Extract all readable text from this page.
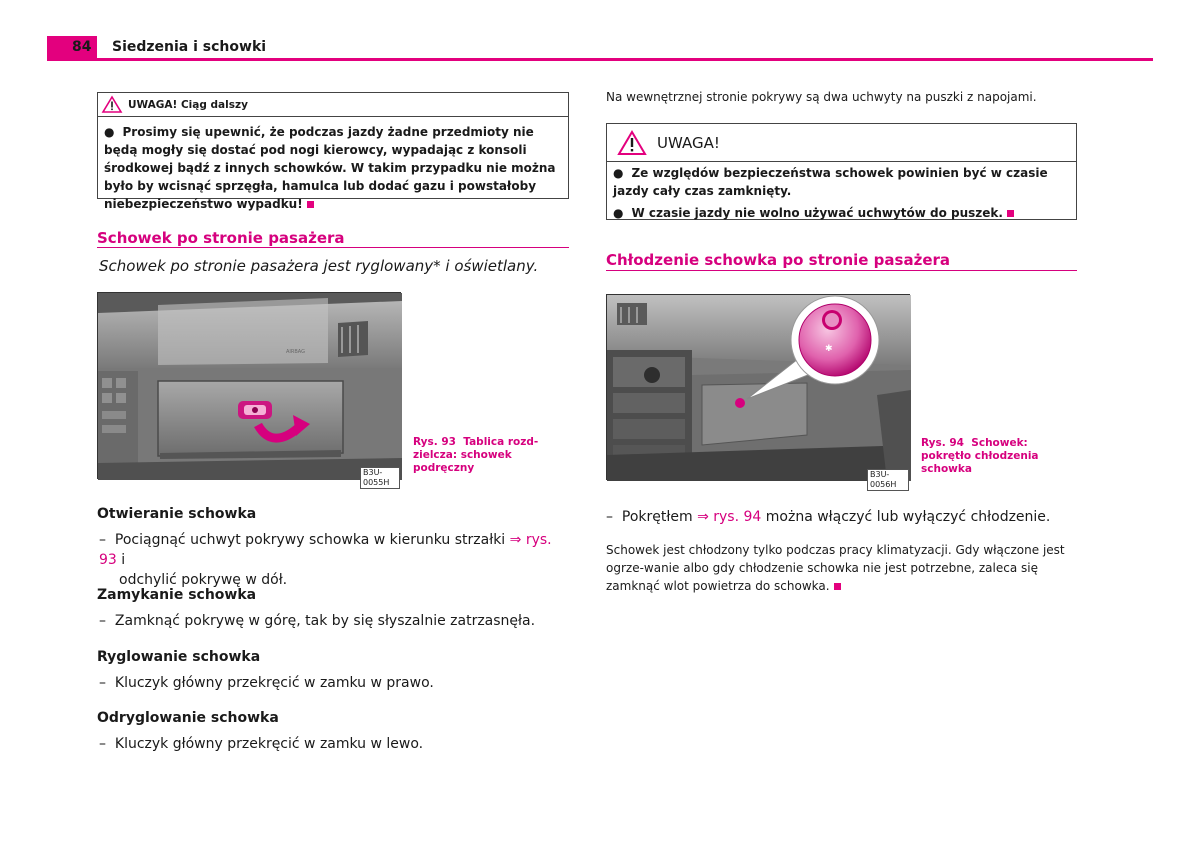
84 Siedzenia i schowki
UWAGA! Ciąg dalszy
● Prosimy się upewnić, że podczas jazdy żadne przedmioty nie będą mogły się dostać pod nogi kierowcy, wypadając z konsoli środkowej bądź z innych schowków. W takim przypadku nie można było by wcisnąć sprzęgła, hamulca lub dodać gazu i powstałoby niebezpieczeństwo wypadku!
Schowek po stronie pasażera
Schowek po stronie pasażera jest ryglowany* i oświetlany.
AIRBAG
B3U-0055H
Rys. 93 Tablica rozd-
zielcza: schowek
podręczny
Otwieranie schowka
– Pociągnąć uchwyt pokrywy schowka w kierunku strzałki ⇒ rys. 93 i
odchylić pokrywę w dół.
Zamykanie schowka
– Zamknąć pokrywę w górę, tak by się słyszalnie zatrzasnęła.
Ryglowanie schowka
– Kluczyk główny przekręcić w zamku w prawo.
Odryglowanie schowka
– Kluczyk główny przekręcić w zamku w lewo.
Na wewnętrznej stronie pokrywy są dwa uchwyty na puszki z napojami.
UWAGA!
● Ze względów bezpieczeństwa schowek powinien być w czasie jazdy cały czas zamknięty.
● W czasie jazdy nie wolno używać uchwytów do puszek.
Chłodzenie schowka po stronie pasażera
✱
B3U-0056H
Rys. 94 Schowek:
pokrętło chłodzenia
schowka
– Pokrętłem ⇒ rys. 94 można włączyć lub wyłączyć chłodzenie.
Schowek jest chłodzony tylko podczas pracy klimatyzacji. Gdy włączone jest ogrze-wanie albo gdy chłodzenie schowka nie jest potrzebne, zaleca się zamknąć wlot powietrza do schowka.
